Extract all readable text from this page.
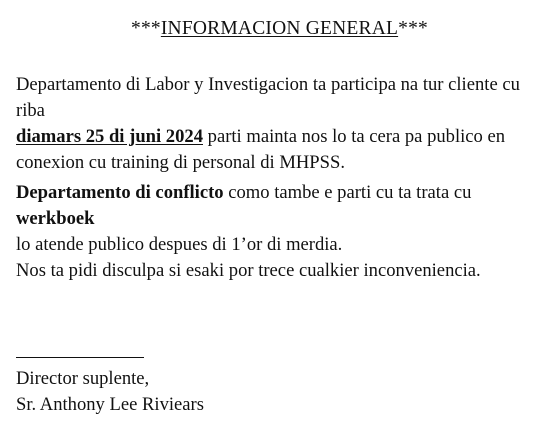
***INFORMACION GENERAL***

Departamento di Labor y Investigacion ta participa na tur cliente cu riba
diamars 25 di juni 2024 parti mainta nos lo ta cera pa publico en
conexion cu training di personal di MHPSS.

Departamento di conflicto como tambe e parti cu ta trata cu werkboek
lo atende publico despues di 1’or di merdia.

Nos ta pidi disculpa si esaki por trece cualkier inconveniencia.

Director suplente,
Sr. Anthony Lee Riviears
